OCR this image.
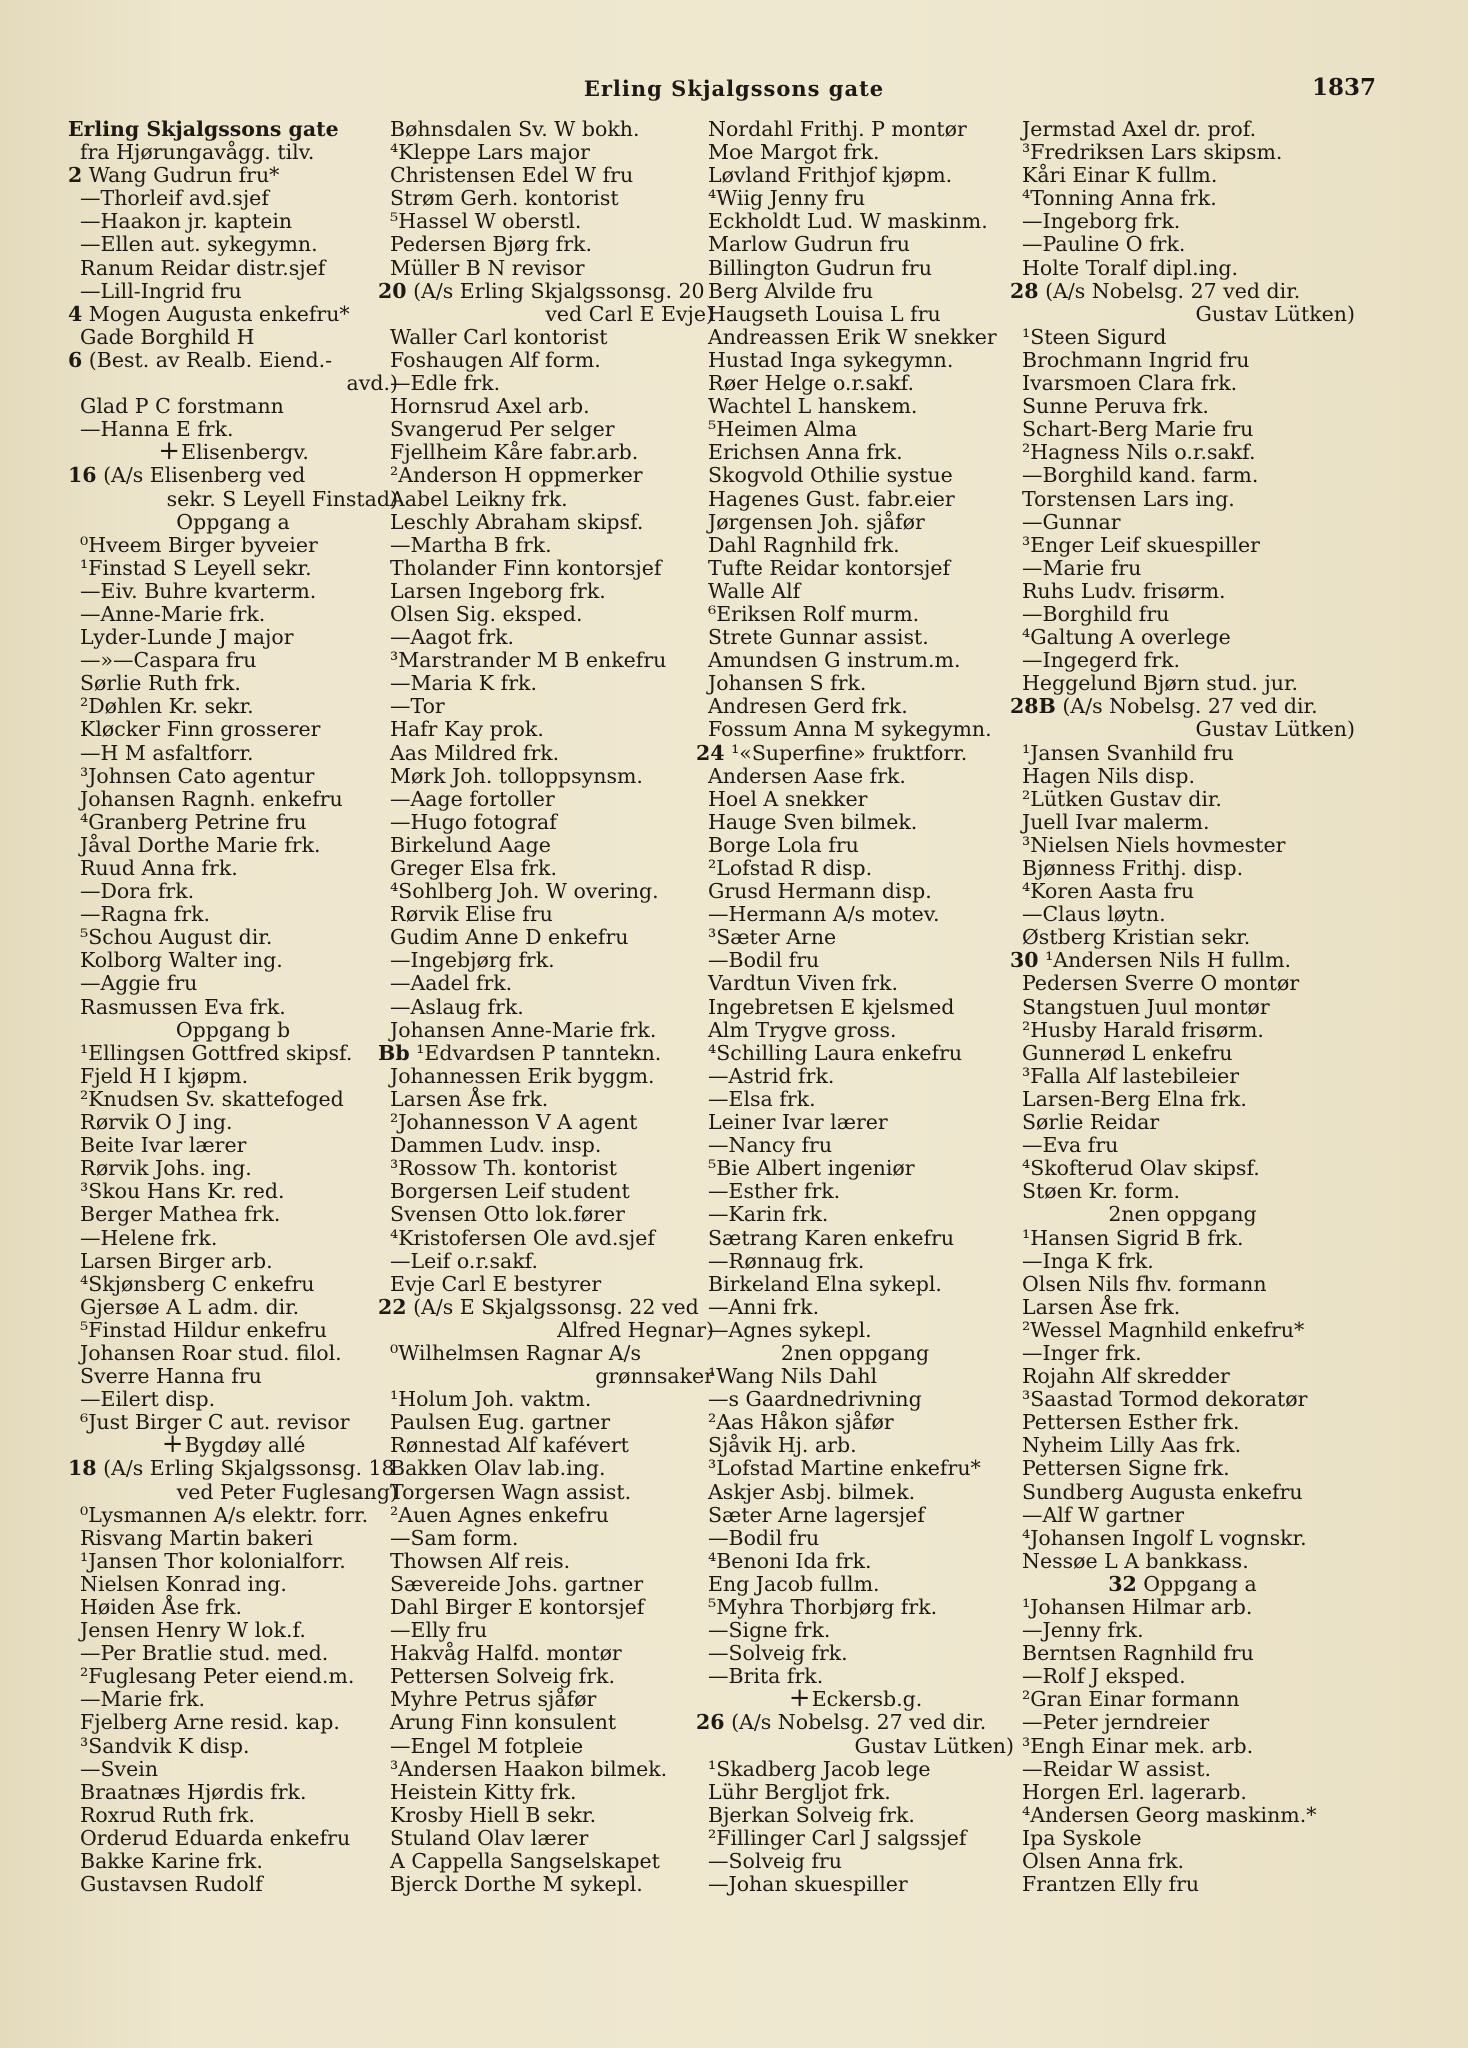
Erling Skjalgssons gate	1837
Erling Skjalgssons gate
fra Hjørungavågg. tilv.
2 Wang Gudrun fru*
—Thorleif avd.sjef
—Haakon jr. kaptein
—Ellen aut. sykegymn.
Ranum Reidar distr.sjef
—Lill-Ingrid fru
4 Mogen Augusta enkefru*
Gade Borghild H
6 (Best. av Realb. Eiend.-
avd.)
Glad P C forstmann
—Hanna E frk.
+Elisenbergv.
16 (A/s Elisenberg ved
sekr. S Leyell Finstad)
Oppgang a
⁰Hveem Birger byveier
¹Finstad S Leyell sekr.
—Eiv. Buhre kvarterm.
—Anne-Marie frk.
Lyder-Lunde J major
—»—Caspara fru
Sørlie Ruth frk.
²Døhlen Kr. sekr.
Kløcker Finn grosserer
—H M asfaltforr.
³Johnsen Cato agentur
Johansen Ragnh. enkefru
⁴Granberg Petrine fru
Jåval Dorthe Marie frk.
Ruud Anna frk.
—Dora frk.
—Ragna frk.
⁵Schou August dir.
Kolborg Walter ing.
—Aggie fru
Rasmussen Eva frk.
Oppgang b
¹Ellingsen Gottfred skipsf.
Fjeld H I kjøpm.
²Knudsen Sv. skattefoged
Rørvik O J ing.
Beite Ivar lærer
Rørvik Johs. ing.
³Skou Hans Kr. red.
Berger Mathea frk.
—Helene frk.
Larsen Birger arb.
⁴Skjønsberg C enkefru
Gjersøe A L adm. dir.
⁵Finstad Hildur enkefru
Johansen Roar stud. filol.
Sverre Hanna fru
—Eilert disp.
⁶Just Birger C aut. revisor
+Bygdøy allé
18 (A/s Erling Skjalgssonsg. 18
ved Peter Fuglesang)
⁰Lysmannen A/s elektr. forr.
Risvang Martin bakeri
¹Jansen Thor kolonialforr.
Nielsen Konrad ing.
Høiden Åse frk.
Jensen Henry W lok.f.
—Per Bratlie stud. med.
²Fuglesang Peter eiend.m.
—Marie frk.
Fjelberg Arne resid. kap.
³Sandvik K disp.
—Svein
Braatnæs Hjørdis frk.
Roxrud Ruth frk.
Orderud Eduarda enkefru
Bakke Karine frk.
Gustavsen Rudolf
Bøhnsdalen Sv. W bokh.
⁴Kleppe Lars major
Christensen Edel W fru
Strøm Gerh. kontorist
⁵Hassel W oberstl.
Pedersen Bjørg frk.
Müller B N revisor
20 (A/s Erling Skjalgssonsg. 20
ved Carl E Evje)
Waller Carl kontorist
Foshaugen Alf form.
—Edle frk.
Hornsrud Axel arb.
Svangerud Per selger
Fjellheim Kåre fabr.arb.
²Anderson H oppmerker
Aabel Leikny frk.
Leschly Abraham skipsf.
—Martha B frk.
Tholander Finn kontorsjef
Larsen Ingeborg frk.
Olsen Sig. eksped.
—Aagot frk.
³Marstrander M B enkefru
—Maria K frk.
—Tor
Hafr Kay prok.
Aas Mildred frk.
Mørk Joh. tolloppsynsm.
—Aage fortoller
—Hugo fotograf
Birkelund Aage
Greger Elsa frk.
⁴Sohlberg Joh. W overing.
Rørvik Elise fru
Gudim Anne D enkefru
—Ingebjørg frk.
—Aadel frk.
—Aslaug frk.
Johansen Anne-Marie frk.
Bb ¹Edvardsen P tanntekn.
Johannessen Erik byggm.
Larsen Åse frk.
²Johannesson V A agent
Dammen Ludv. insp.
³Rossow Th. kontorist
Borgersen Leif student
Svensen Otto lok.fører
⁴Kristofersen Ole avd.sjef
—Leif o.r.sakf.
Evje Carl E bestyrer
22 (A/s E Skjalgssonsg. 22 ved
Alfred Hegnar)
⁰Wilhelmsen Ragnar A/s
grønnsaker
¹Holum Joh. vaktm.
Paulsen Eug. gartner
Rønnestad Alf kafévert
Bakken Olav lab.ing.
Torgersen Wagn assist.
²Auen Agnes enkefru
—Sam form.
Thowsen Alf reis.
Sævereide Johs. gartner
Dahl Birger E kontorsjef
—Elly fru
Hakvåg Halfd. montør
Pettersen Solveig frk.
Myhre Petrus sjåfør
Arung Finn konsulent
—Engel M fotpleie
³Andersen Haakon bilmek.
Heistein Kitty frk.
Krosby Hiell B sekr.
Stuland Olav lærer
A Cappella Sangselskapet
Bjerck Dorthe M sykepl.
Nordahl Frithj. P montør
Moe Margot frk.
Løvland Frithjof kjøpm.
⁴Wiig Jenny fru
Eckholdt Lud. W maskinm.
Marlow Gudrun fru
Billington Gudrun fru
Berg Alvilde fru
Haugseth Louisa L fru
Andreassen Erik W snekker
Hustad Inga sykegymn.
Røer Helge o.r.sakf.
Wachtel L hanskem.
⁵Heimen Alma
Erichsen Anna frk.
Skogvold Othilie systue
Hagenes Gust. fabr.eier
Jørgensen Joh. sjåfør
Dahl Ragnhild frk.
Tufte Reidar kontorsjef
Walle Alf
⁶Eriksen Rolf murm.
Strete Gunnar assist.
Amundsen G instrum.m.
Johansen S frk.
Andresen Gerd frk.
Fossum Anna M sykegymn.
24 ¹«Superfine» fruktforr.
Andersen Aase frk.
Hoel A snekker
Hauge Sven bilmek.
Borge Lola fru
²Lofstad R disp.
Grusd Hermann disp.
—Hermann A/s motev.
³Sæter Arne
—Bodil fru
Vardtun Viven frk.
Ingebretsen E kjelsmed
Alm Trygve gross.
⁴Schilling Laura enkefru
—Astrid frk.
—Elsa frk.
Leiner Ivar lærer
—Nancy fru
⁵Bie Albert ingeniør
—Esther frk.
—Karin frk.
Sætrang Karen enkefru
—Rønnaug frk.
Birkeland Elna sykepl.
—Anni frk.
—Agnes sykepl.
2nen oppgang
¹Wang Nils Dahl
—s Gaardnedrivning
²Aas Håkon sjåfør
Sjåvik Hj. arb.
³Lofstad Martine enkefru*
Askjer Asbj. bilmek.
Sæter Arne lagersjef
—Bodil fru
⁴Benoni Ida frk.
Eng Jacob fullm.
⁵Myhra Thorbjørg frk.
—Signe frk.
—Solveig frk.
—Brita frk.
+Eckersb.g.
26 (A/s Nobelsg. 27 ved dir.
Gustav Lütken)
¹Skadberg Jacob lege
Lühr Bergljot frk.
Bjerkan Solveig frk.
²Fillinger Carl J salgssjef
—Solveig fru
—Johan skuespiller
Jermstad Axel dr. prof.
³Fredriksen Lars skipsm.
Kåri Einar K fullm.
⁴Tonning Anna frk.
—Ingeborg frk.
—Pauline O frk.
Holte Toralf dipl.ing.
28 (A/s Nobelsg. 27 ved dir.
Gustav Lütken)
¹Steen Sigurd
Brochmann Ingrid fru
Ivarsmoen Clara frk.
Sunne Peruva frk.
Schart-Berg Marie fru
²Hagness Nils o.r.sakf.
—Borghild kand. farm.
Torstensen Lars ing.
—Gunnar
³Enger Leif skuespiller
—Marie fru
Ruhs Ludv. frisørm.
—Borghild fru
⁴Galtung A overlege
—Ingegerd frk.
Heggelund Bjørn stud. jur.
28B (A/s Nobelsg. 27 ved dir.
Gustav Lütken)
¹Jansen Svanhild fru
Hagen Nils disp.
²Lütken Gustav dir.
Juell Ivar malerm.
³Nielsen Niels hovmester
Bjønness Frithj. disp.
⁴Koren Aasta fru
—Claus løytn.
Østberg Kristian sekr.
30 ¹Andersen Nils H fullm.
Pedersen Sverre O montør
Stangstuen Juul montør
²Husby Harald frisørm.
Gunnerød L enkefru
³Falla Alf lastebileier
Larsen-Berg Elna frk.
Sørlie Reidar
—Eva fru
⁴Skofterud Olav skipsf.
Støen Kr. form.
2nen oppgang
¹Hansen Sigrid B frk.
—Inga K frk.
Olsen Nils fhv. formann
Larsen Åse frk.
²Wessel Magnhild enkefru*
—Inger frk.
Rojahn Alf skredder
³Saastad Tormod dekoratør
Pettersen Esther frk.
Nyheim Lilly Aas frk.
Pettersen Signe frk.
Sundberg Augusta enkefru
—Alf W gartner
⁴Johansen Ingolf L vognskr.
Nessøe L A bankkass.
32 Oppgang a
¹Johansen Hilmar arb.
—Jenny frk.
Berntsen Ragnhild fru
—Rolf J eksped.
²Gran Einar formann
—Peter jerndreier
³Engh Einar mek. arb.
—Reidar W assist.
Horgen Erl. lagerarb.
⁴Andersen Georg maskinm.*
Ipa Syskole
Olsen Anna frk.
Frantzen Elly fru
